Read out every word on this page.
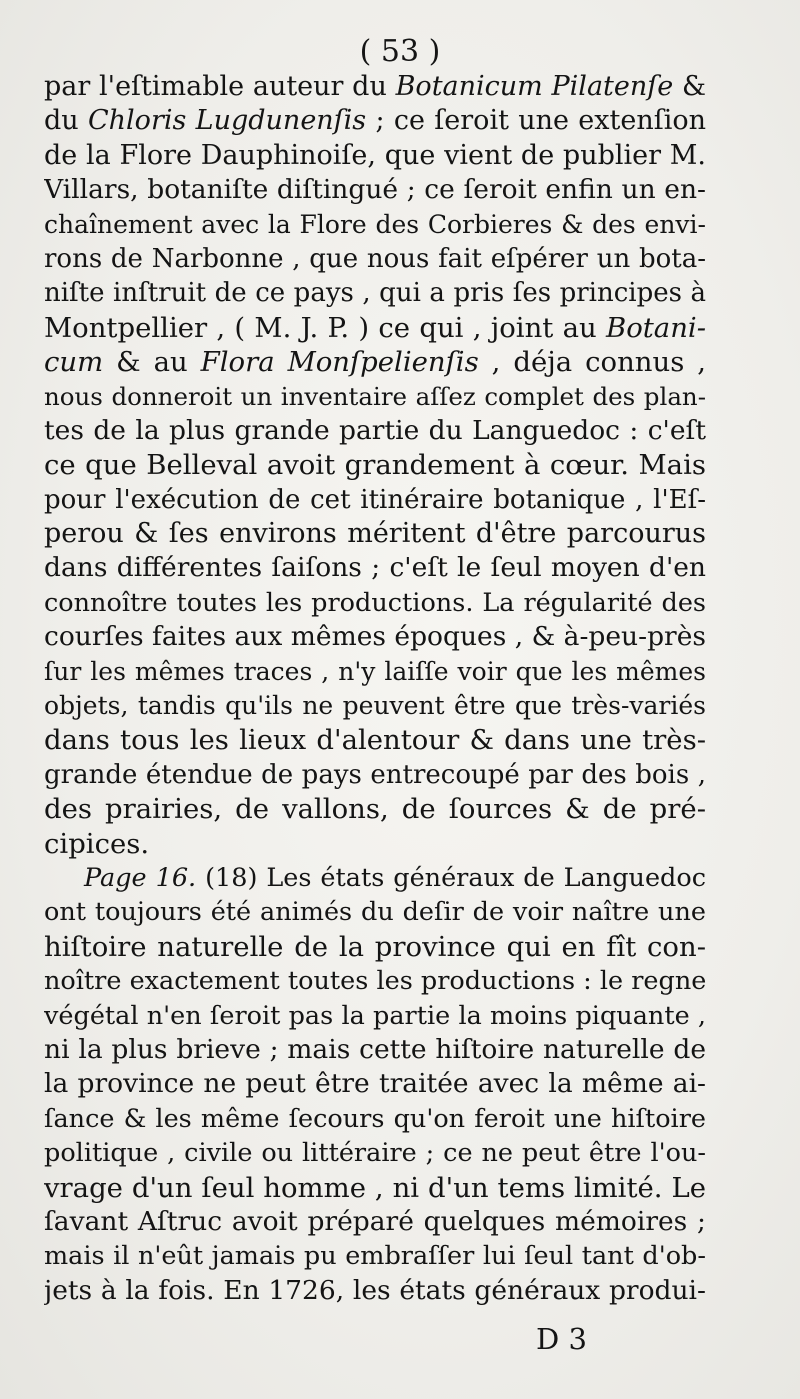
( 53 )
par l'eſtimable auteur du Botanicum Pilatenſe &
du Chloris Lugdunenſis ; ce ſeroit une extenſion
de la Flore Dauphinoiſe, que vient de publier M.
Villars, botaniſte diſtingué ; ce ſeroit enfin un en-
chaînement avec la Flore des Corbieres & des envi-
rons de Narbonne , que nous fait eſpérer un bota-
niſte inſtruit de ce pays , qui a pris ſes principes à
Montpellier , ( M. J. P. ) ce qui , joint au Botani-
cum & au Flora Monſpelienſis , déja connus ,
nous donneroit un inventaire aſſez complet des plan-
tes de la plus grande partie du Languedoc : c'eſt
ce que Belleval avoit grandement à cœur. Mais
pour l'exécution de cet itinéraire botanique , l'Eſ-
perou & ſes environs méritent d'être parcourus
dans différentes ſaiſons ; c'eſt le ſeul moyen d'en
connoître toutes les productions. La régularité des
courſes faites aux mêmes époques , & à-peu-près
ſur les mêmes traces , n'y laiſſe voir que les mêmes
objets, tandis qu'ils ne peuvent être que très-variés
dans tous les lieux d'alentour & dans une très-
grande étendue de pays entrecoupé par des bois ,
des prairies, de vallons, de ſources & de pré-
cipices.
Page 16. (18) Les états généraux de Languedoc
ont toujours été animés du deſir de voir naître une
hiſtoire naturelle de la province qui en fît con-
noître exactement toutes les productions : le regne
végétal n'en ſeroit pas la partie la moins piquante ,
ni la plus brieve ; mais cette hiſtoire naturelle de
la province ne peut être traitée avec la même ai-
ſance & les même ſecours qu'on feroit une hiſtoire
politique , civile ou littéraire ; ce ne peut être l'ou-
vrage d'un ſeul homme , ni d'un tems limité. Le
ſavant Aſtruc avoit préparé quelques mémoires ;
mais il n'eût jamais pu embraſſer lui ſeul tant d'ob-
jets à la fois. En 1726, les états généraux produi-
D 3
